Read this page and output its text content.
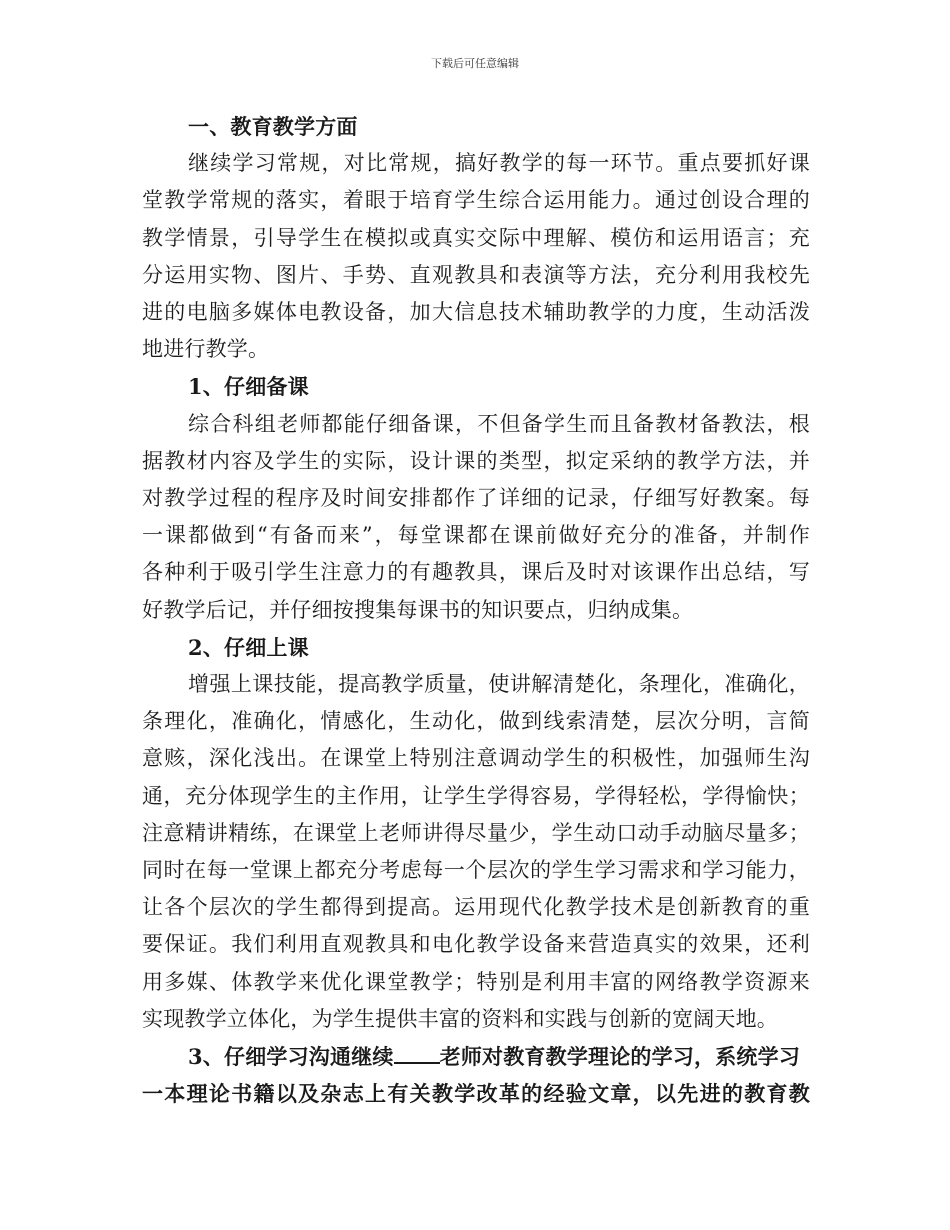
下载后可任意编辑
一、教育教学方面
继续学习常规，对比常规，搞好教学的每一环节。重点要抓好课
堂教学常规的落实，着眼于培育学生综合运用能力。通过创设合理的
教学情景，引导学生在模拟或真实交际中理解、模仿和运用语言；充
分运用实物、图片、手势、直观教具和表演等方法，充分利用我校先
进的电脑多媒体电教设备，加大信息技术辅助教学的力度，生动活泼
地进行教学。
1、仔细备课
综合科组老师都能仔细备课，不但备学生而且备教材备教法，根
据教材内容及学生的实际，设计课的类型，拟定采纳的教学方法，并
对教学过程的程序及时间安排都作了详细的记录，仔细写好教案。每
一课都做到“有备而来”，每堂课都在课前做好充分的准备，并制作
各种利于吸引学生注意力的有趣教具，课后及时对该课作出总结，写
好教学后记，并仔细按搜集每课书的知识要点，归纳成集。
2、仔细上课
增强上课技能，提高教学质量，使讲解清楚化，条理化，准确化，
条理化，准确化，情感化，生动化，做到线索清楚，层次分明，言简
意赅，深化浅出。在课堂上特别注意调动学生的积极性，加强师生沟
通，充分体现学生的主作用，让学生学得容易，学得轻松，学得愉快；
注意精讲精练，在课堂上老师讲得尽量少，学生动口动手动脑尽量多；
同时在每一堂课上都充分考虑每一个层次的学生学习需求和学习能力，
让各个层次的学生都得到提高。运用现代化教学技术是创新教育的重
要保证。我们利用直观教具和电化教学设备来营造真实的效果，还利
用多媒、体教学来优化课堂教学；特别是利用丰富的网络教学资源来
实现教学立体化，为学生提供丰富的资料和实践与创新的宽阔天地。
3、仔细学习沟通继续 老师对教育教学理论的学习，系统学习
一本理论书籍以及杂志上有关教学改革的经验文章，以先进的教育教
